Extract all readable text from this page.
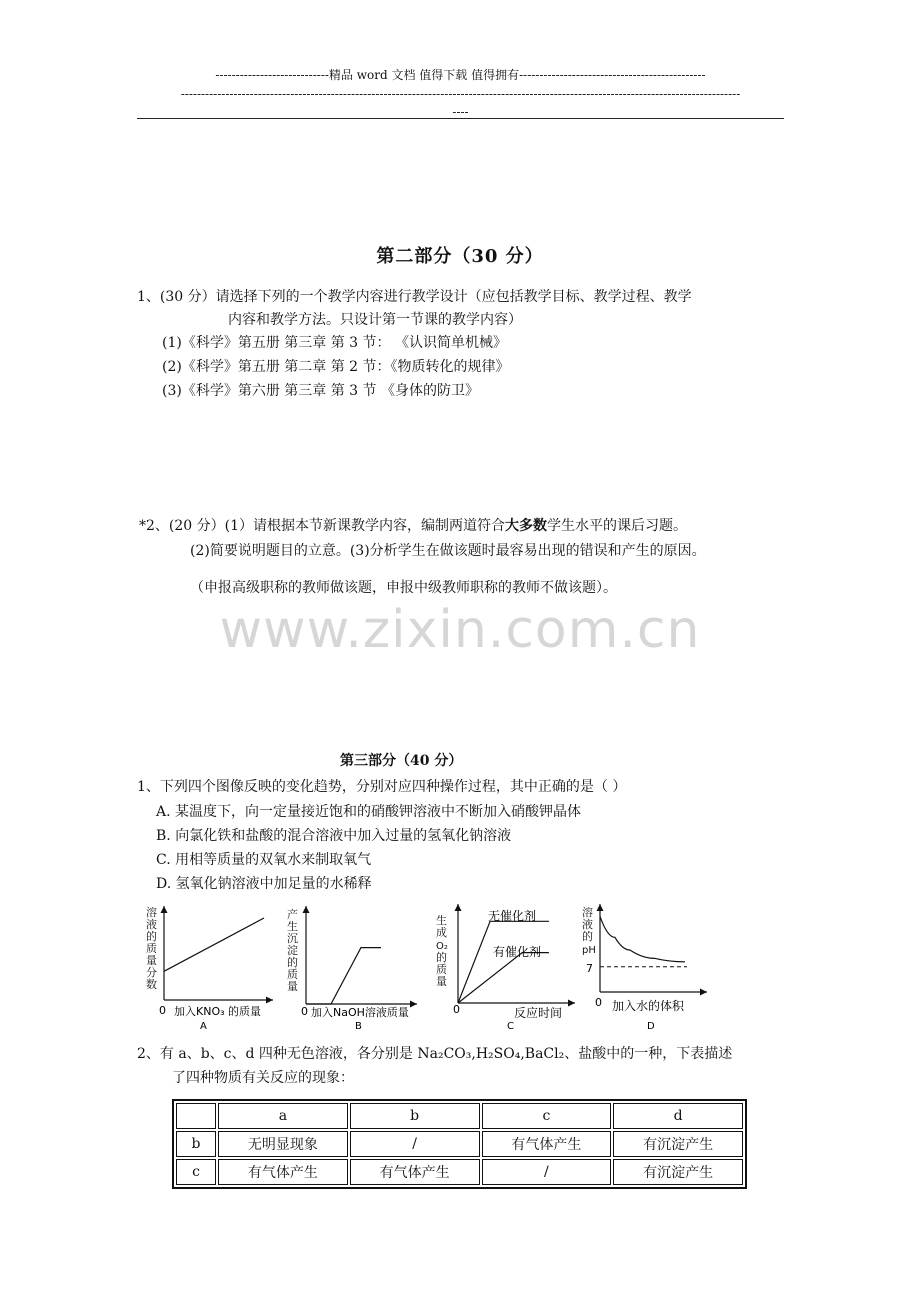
----------------------------精品 word 文档 值得下载 值得拥有----------------------------------------------
------------------------------------------------------------------------------------------------------------------------------------------
----
第二部分（30 分）
1、(30 分）请选择下列的一个教学内容进行教学设计（应包括教学目标、教学过程、教学
内容和教学方法。只设计第一节课的教学内容）
(1)《科学》第五册 第三章 第 3 节： 《认识简单机械》
(2)《科学》第五册 第二章 第 2 节：《物质转化的规律》
(3)《科学》第六册 第三章 第 3 节 《身体的防卫》
*2、(20 分）(1）请根据本节新课教学内容，编制两道符合大多数学生水平的课后习题。
(2)简要说明题目的立意。(3)分析学生在做该题时最容易出现的错误和产生的原因。
（申报高级职称的教师做该题，申报中级教师职称的教师不做该题）。
www.zixin.com.cn
第三部分（40 分）
1、下列四个图像反映的变化趋势，分别对应四种操作过程，其中正确的是（ ）
A. 某温度下，向一定量接近饱和的硝酸钾溶液中不断加入硝酸钾晶体
B. 向氯化铁和盐酸的混合溶液中加入过量的氢氧化钠溶液
C. 用相等质量的双氧水来制取氧气
D. 氢氧化钠溶液中加足量的水稀释
溶
液
的
质
量
分
数
0 加入KNO₃ 的质量
A
产
生
沉
淀
的
质
量
0 加入NaOH溶液质量
B
生
成
O₂
的
质
量
无催化剂
有催化剂
0	反应时间
C
溶
液
的
pH
7
0 加入水的体积
D
2、有 a、b、c、d 四种无色溶液，各分别是 Na₂CO₃,H₂SO₄,BaCl₂、盐酸中的一种，下表描述
了四种物质有关反应的现象：
	a	b	c	d
b	无明显现象	/	有气体产生	有沉淀产生
c	有气体产生	有气体产生	/	有沉淀产生
